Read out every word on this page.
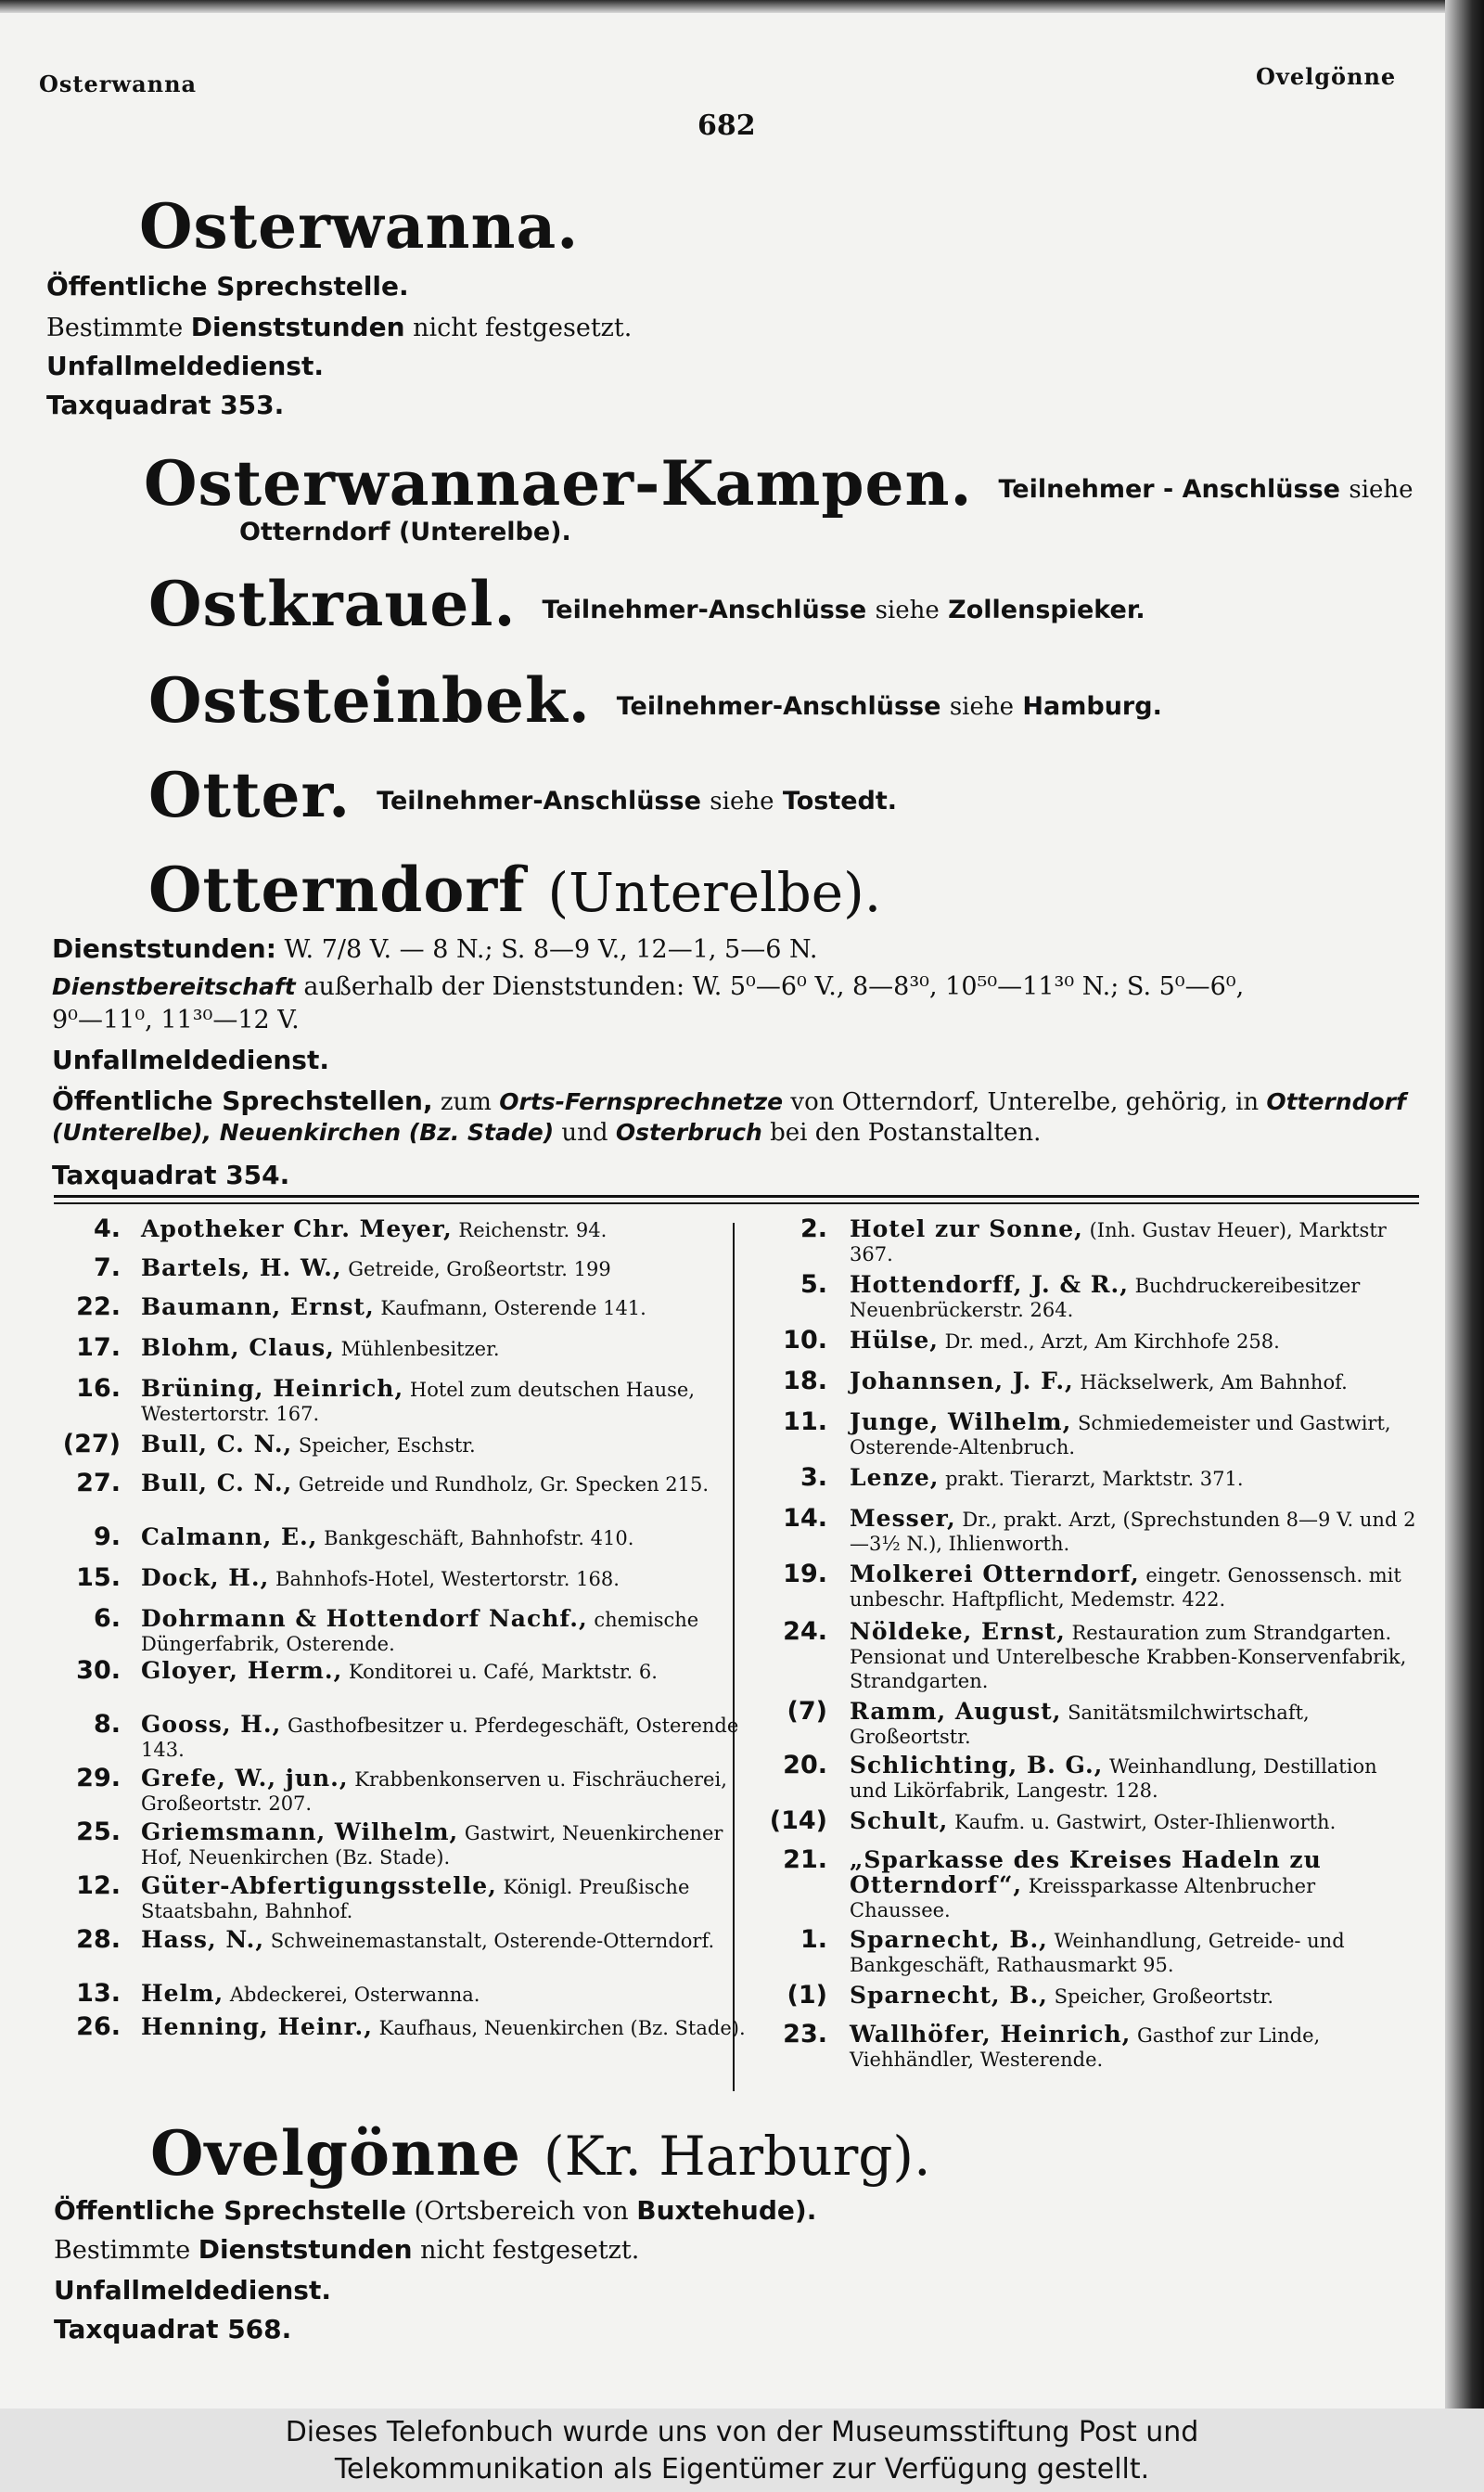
Osterwanna
682
Ovelgönne
Osterwanna.
Öffentliche Sprechstelle.
Bestimmte Dienststunden nicht festgesetzt.
Unfallmeldedienst.
Taxquadrat 353.
Osterwannaer-Kampen. Teilnehmer - Anschlüsse siehe
Otterndorf (Unterelbe).
Ostkrauel. Teilnehmer-Anschlüsse siehe Zollenspieker.
Oststeinbek. Teilnehmer-Anschlüsse siehe Hamburg.
Otter. Teilnehmer-Anschlüsse siehe Tostedt.
Otterndorf (Unterelbe).
Dienststunden: W. 7/8 V. — 8 N.; S. 8—9 V., 12—1, 5—6 N.
Dienstbereitschaft außerhalb der Dienststunden: W. 5⁰—6⁰ V., 8—8³⁰, 10⁵⁰—11³⁰ N.; S. 5⁰—6⁰,
9⁰—11⁰, 11³⁰—12 V.
Unfallmeldedienst.
Öffentliche Sprechstellen, zum Orts-Fernsprechnetze von Otterndorf, Unterelbe, gehörig, in Otterndorf
(Unterelbe), Neuenkirchen (Bz. Stade) und Osterbruch bei den Postanstalten.
Taxquadrat 354.
4. Apotheker Chr. Meyer, Reichenstr. 94.
7. Bartels, H. W., Getreide, Großeortstr. 199
22. Baumann, Ernst, Kaufmann, Osterende 141.
17. Blohm, Claus, Mühlenbesitzer.
16. Brüning, Heinrich, Hotel zum deutschen Hause, Westertorstr. 167.
(27) Bull, C. N., Speicher, Eschstr.
27. Bull, C. N., Getreide und Rundholz, Gr. Specken 215.
9. Calmann, E., Bankgeschäft, Bahnhofstr. 410.
15. Dock, H., Bahnhofs-Hotel, Westertorstr. 168.
6. Dohrmann & Hottendorf Nachf., chemische Düngerfabrik, Osterende.
30. Gloyer, Herm., Konditorei u. Café, Marktstr. 6.
8. Gooss, H., Gasthofbesitzer u. Pferdegeschäft, Osterende 143.
29. Grefe, W., jun., Krabbenkonserven u. Fischräucherei, Großeortstr. 207.
25. Griemsmann, Wilhelm, Gastwirt, Neuenkirchener Hof, Neuenkirchen (Bz. Stade).
12. Güter-Abfertigungsstelle, Königl. Preußische Staatsbahn, Bahnhof.
28. Hass, N., Schweinemastanstalt, Osterende-Otterndorf.
13. Helm, Abdeckerei, Osterwanna.
26. Henning, Heinr., Kaufhaus, Neuenkirchen (Bz. Stade).
2. Hotel zur Sonne, (Inh. Gustav Heuer), Marktstr 367.
5. Hottendorff, J. & R., Buchdruckereibesitzer Neuenbrückerstr. 264.
10. Hülse, Dr. med., Arzt, Am Kirchhofe 258.
18. Johannsen, J. F., Häckselwerk, Am Bahnhof.
11. Junge, Wilhelm, Schmiedemeister und Gastwirt, Osterende-Altenbruch.
3. Lenze, prakt. Tierarzt, Marktstr. 371.
14. Messer, Dr., prakt. Arzt, (Sprechstunden 8—9 V. und 2—3½ N.), Ihlienworth.
19. Molkerei Otterndorf, eingetr. Genossensch. mit unbeschr. Haftpflicht, Medemstr. 422.
24. Nöldeke, Ernst, Restauration zum Strandgarten. Pensionat und Unterelbesche Krabben-Konservenfabrik, Strandgarten.
(7) Ramm, August, Sanitätsmilchwirtschaft, Großeortstr.
20. Schlichting, B. G., Weinhandlung, Destillation und Likörfabrik, Langestr. 128.
(14) Schult, Kaufm. u. Gastwirt, Oster-Ihlienworth.
21. „Sparkasse des Kreises Hadeln zu Otterndorf“, Kreissparkasse Altenbrucher Chaussee.
1. Sparnecht, B., Weinhandlung, Getreide- und Bankgeschäft, Rathausmarkt 95.
(1) Sparnecht, B., Speicher, Großeortstr.
23. Wallhöfer, Heinrich, Gasthof zur Linde, Viehhändler, Westerende.
Ovelgönne (Kr. Harburg).
Öffentliche Sprechstelle (Ortsbereich von Buxtehude).
Bestimmte Dienststunden nicht festgesetzt.
Unfallmeldedienst.
Taxquadrat 568.
Dieses Telefonbuch wurde uns von der Museumsstiftung Post und
Telekommunikation als Eigentümer zur Verfügung gestellt.
